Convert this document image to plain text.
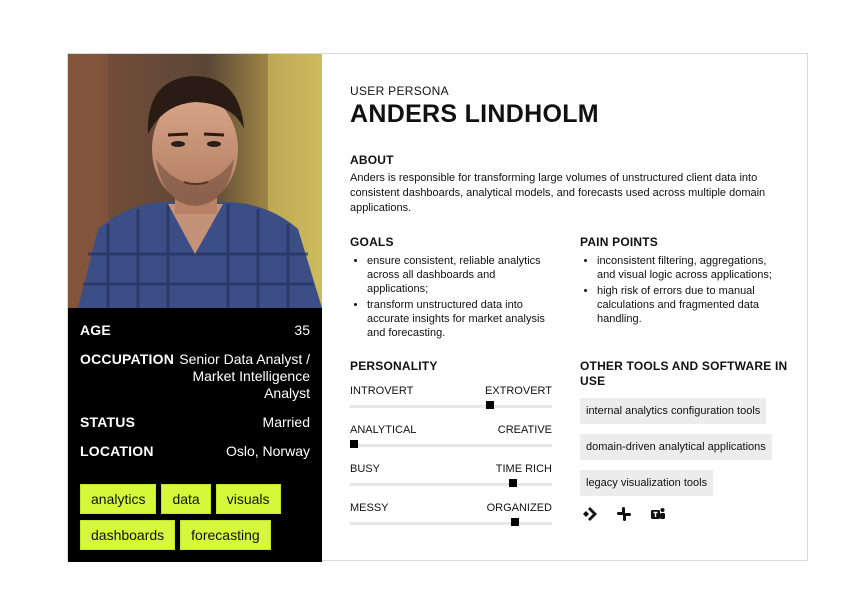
AGE	35
OCCUPATION Senior Data Analyst / Market Intelligence Analyst
STATUS	Married
LOCATION	Oslo, Norway
analytics	data	visuals
dashboards	forecasting
USER PERSONA
ANDERS LINDHOLM
ABOUT

Anders is responsible for transforming large volumes of unstructured client data into consistent dashboards, analytical models, and forecasts used across multiple domain applications.

GOALS
• ensure consistent, reliable analytics across all dashboards and applications;
• transform unstructured data into accurate insights for market analysis and forecasting.
PAIN POINTS
• inconsistent filtering, aggregations, and visual logic across applications;
• high risk of errors due to manual calculations and fragmented data handling.
PERSONALITY
INTROVERT	EXTROVERT
ANALYTICAL	CREATIVE
BUSY	TIME RICH
MESSY	ORGANIZED
OTHER TOOLS AND SOFTWARE IN USE
internal analytics configuration tools
domain-driven analytical applications
legacy visualization tools
